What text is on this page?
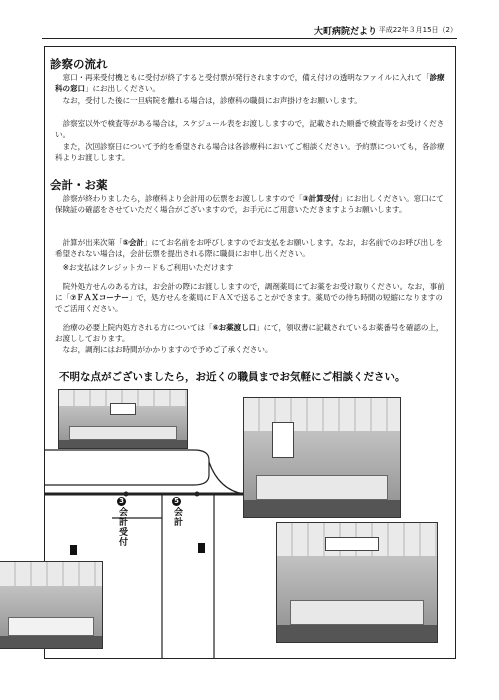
大町病院だより 平成22年３月15日（2）
診察の流れ

窓口・再来受付機ともに受付が終了すると受付票が発行されますので，備え付けの透明なファイルに入れて「診療科の窓口」にお出しください。

なお，受付した後に一旦病院を離れる場合は，診療科の職員にお声掛けをお願いします。

診察室以外で検査等がある場合は，スケジュール表をお渡ししますので，記載された順番で検査等をお受けください。

また，次回診察日について予約を希望される場合は各診療科においてご相談ください。予約票についても，各診療科よりお渡しします。

会計・お薬

診察が終わりましたら，診療科より会計用の伝票をお渡ししますので「③計算受付」にお出しください。窓口にて保険証の確認をさせていただく場合がございますので，お手元にご用意いただきますようお願いします。

計算が出来次第「⑤会計」にてお名前をお呼びしますのでお支払をお願いします。なお，お名前でのお呼び出しを希望されない場合は，会計伝票を提出される際に職員にお申し出ください。

※お支払はクレジットカードもご利用いただけます

院外処方せんのある方は，お会計の際にお渡ししますので，調剤薬局にてお薬をお受け取りください。なお，事前に「⑦ＦＡＸコーナー」で，処方せんを薬局にＦＡＸで送ることができます。薬局での待ち時間の短縮になりますのでご活用ください。

治療の必要上院内処方される方については「⑥お薬渡し口」にて，領収書に記載されているお薬番号を確認の上，お渡ししております。

なお，調剤にはお時間がかかりますので予めご了承ください。

不明な点がございましたら，お近くの職員までお気軽にご相談ください。
3
会計受付
5
会計
